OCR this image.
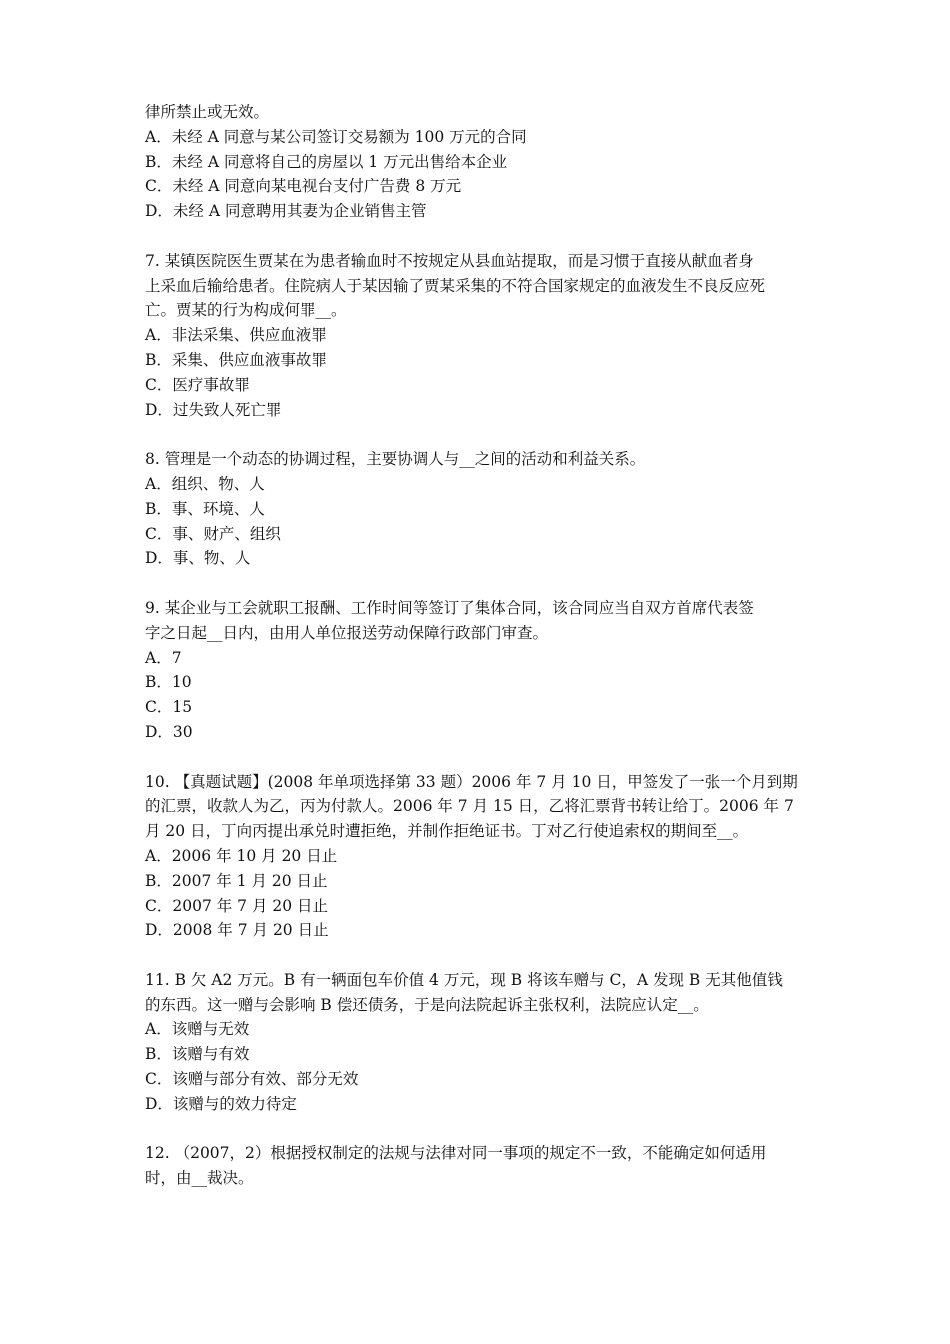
律所禁止或无效。
A．未经 A 同意与某公司签订交易额为 100 万元的合同
B．未经 A 同意将自己的房屋以 1 万元出售给本企业
C．未经 A 同意向某电视台支付广告费 8 万元
D．未经 A 同意聘用其妻为企业销售主管
7. 某镇医院医生贾某在为患者输血时不按规定从县血站提取，而是习惯于直接从献血者身
上采血后输给患者。住院病人于某因输了贾某采集的不符合国家规定的血液发生不良反应死
亡。贾某的行为构成何罪__。
A．非法采集、供应血液罪
B．采集、供应血液事故罪
C．医疗事故罪
D．过失致人死亡罪
8. 管理是一个动态的协调过程，主要协调人与__之间的活动和利益关系。
A．组织、物、人
B．事、环境、人
C．事、财产、组织
D．事、物、人
9. 某企业与工会就职工报酬、工作时间等签订了集体合同，该合同应当自双方首席代表签
字之日起__日内，由用人单位报送劳动保障行政部门审查。
A．7
B．10
C．15
D．30
10. 【真题试题】(2008 年单项选择第 33 题）2006 年 7 月 10 日，甲签发了一张一个月到期
的汇票，收款人为乙，丙为付款人。2006 年 7 月 15 日，乙将汇票背书转让给丁。2006 年 7
月 20 日，丁向丙提出承兑时遭拒绝，并制作拒绝证书。丁对乙行使追索权的期间至__。
A．2006 年 10 月 20 日止
B．2007 年 1 月 20 日止
C．2007 年 7 月 20 日止
D．2008 年 7 月 20 日止
11. B 欠 A2 万元。B 有一辆面包车价值 4 万元，现 B 将该车赠与 C，A 发现 B 无其他值钱
的东西。这一赠与会影响 B 偿还债务，于是向法院起诉主张权利，法院应认定__。
A．该赠与无效
B．该赠与有效
C．该赠与部分有效、部分无效
D．该赠与的效力待定
12. （2007，2）根据授权制定的法规与法律对同一事项的规定不一致，不能确定如何适用
时，由__裁决。
